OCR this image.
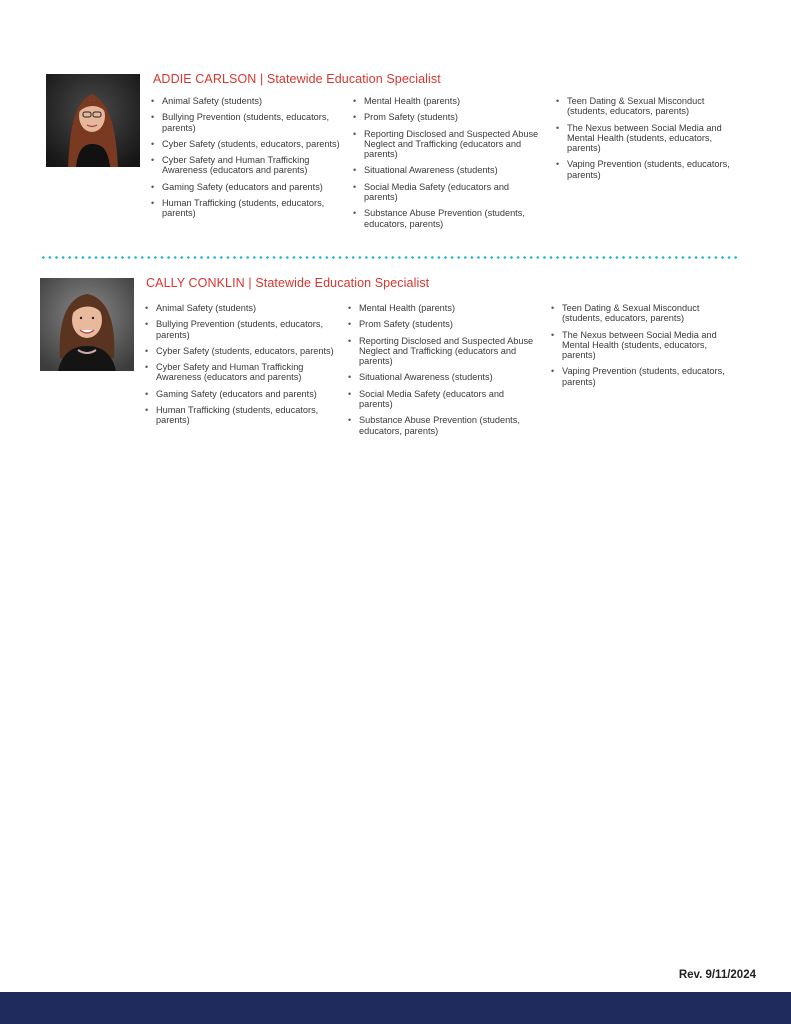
ADDIE CARLSON | Statewide Education Specialist
• Animal Safety (students)
• Bullying Prevention (students, educators, parents)
• Cyber Safety (students, educators, parents)
• Cyber Safety and Human Trafficking Awareness (educators and parents)
• Gaming Safety (educators and parents)
• Human Trafficking (students, educators, parents)
• Mental Health (parents)
• Prom Safety (students)
• Reporting Disclosed and Suspected Abuse Neglect and Trafficking (educators and parents)
• Situational Awareness (students)
• Social Media Safety (educators and parents)
• Substance Abuse Prevention (students, educators, parents)
• Teen Dating & Sexual Misconduct (students, educators, parents)
• The Nexus between Social Media and Mental Health (students, educators, parents)
• Vaping Prevention (students, educators, parents)
CALLY CONKLIN | Statewide Education Specialist
• Animal Safety (students)
• Bullying Prevention (students, educators, parents)
• Cyber Safety (students, educators, parents)
• Cyber Safety and Human Trafficking Awareness (educators and parents)
• Gaming Safety (educators and parents)
• Human Trafficking (students, educators, parents)
• Mental Health (parents)
• Prom Safety (students)
• Reporting Disclosed and Suspected Abuse Neglect and Trafficking (educators and parents)
• Situational Awareness (students)
• Social Media Safety (educators and parents)
• Substance Abuse Prevention (students, educators, parents)
• Teen Dating & Sexual Misconduct (students, educators, parents)
• The Nexus between Social Media and Mental Health (students, educators, parents)
• Vaping Prevention (students, educators, parents)
Rev. 9/11/2024
